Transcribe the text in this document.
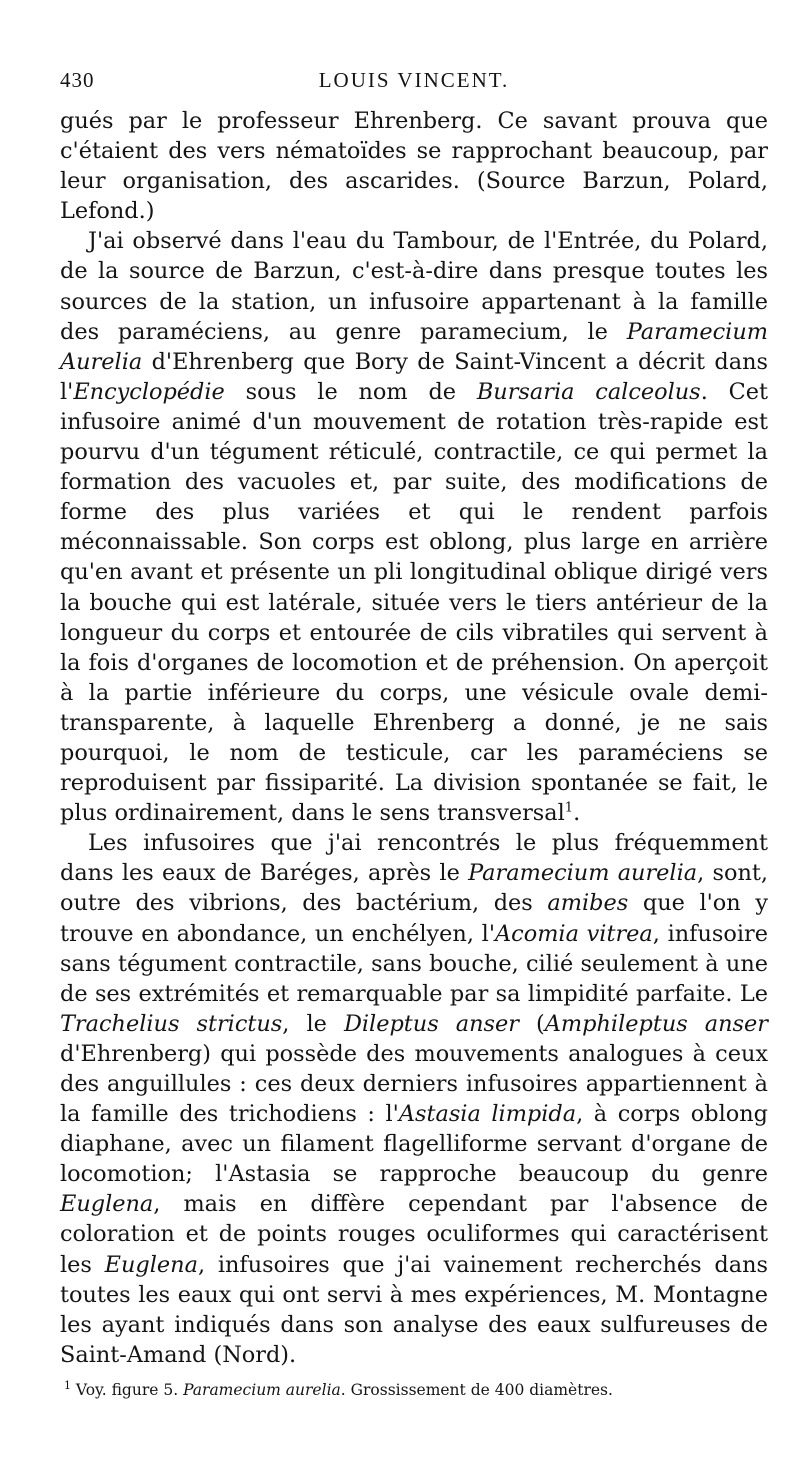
430	LOUIS VINCENT.

gués par le professeur Ehrenberg. Ce savant prouva que c'étaient des vers nématoïdes se rapprochant beaucoup, par leur organisation, des ascarides. (Source Barzun, Polard, Lefond.)

J'ai observé dans l'eau du Tambour, de l'Entrée, du Polard, de la source de Barzun, c'est-à-dire dans presque toutes les sources de la station, un infusoire appartenant à la famille des paraméciens, au genre paramecium, le Paramecium Aurelia d'Ehrenberg que Bory de Saint-Vincent a décrit dans l'Encyclopédie sous le nom de Bursaria calceolus. Cet infusoire animé d'un mouvement de rotation très-rapide est pourvu d'un tégument réticulé, contractile, ce qui permet la formation des vacuoles et, par suite, des modifications de forme des plus variées et qui le rendent parfois méconnaissable. Son corps est oblong, plus large en arrière qu'en avant et présente un pli longitudinal oblique dirigé vers la bouche qui est latérale, située vers le tiers antérieur de la longueur du corps et entourée de cils vibratiles qui servent à la fois d'organes de locomotion et de préhension. On aperçoit à la partie inférieure du corps, une vésicule ovale demi-transparente, à laquelle Ehrenberg a donné, je ne sais pourquoi, le nom de testicule, car les paraméciens se reproduisent par fissiparité. La division spontanée se fait, le plus ordinairement, dans le sens transversal$^1$.

Les infusoires que j'ai rencontrés le plus fréquemment dans les eaux de Baréges, après le Paramecium aurelia, sont, outre des vibrions, des bactérium, des amibes que l'on y trouve en abondance, un enchélyen, l'Acomia vitrea, infusoire sans tégument contractile, sans bouche, cilié seulement à une de ses extrémités et remarquable par sa limpidité parfaite. Le Trachelius strictus, le Dileptus anser (Amphileptus anser d'Ehrenberg) qui possède des mouvements analogues à ceux des anguillules : ces deux derniers infusoires appartiennent à la famille des trichodiens : l'Astasia limpida, à corps oblong diaphane, avec un filament flagelliforme servant d'organe de locomotion; l'Astasia se rapproche beaucoup du genre Euglena, mais en diffère cependant par l'absence de coloration et de points rouges oculiformes qui caractérisent les Euglena, infusoires que j'ai vainement recherchés dans toutes les eaux qui ont servi à mes expériences, M. Montagne les ayant indiqués dans son analyse des eaux sulfureuses de Saint-Amand (Nord).

$^1$ Voy. figure 5. Paramecium aurelia. Grossissement de 400 diamètres.
